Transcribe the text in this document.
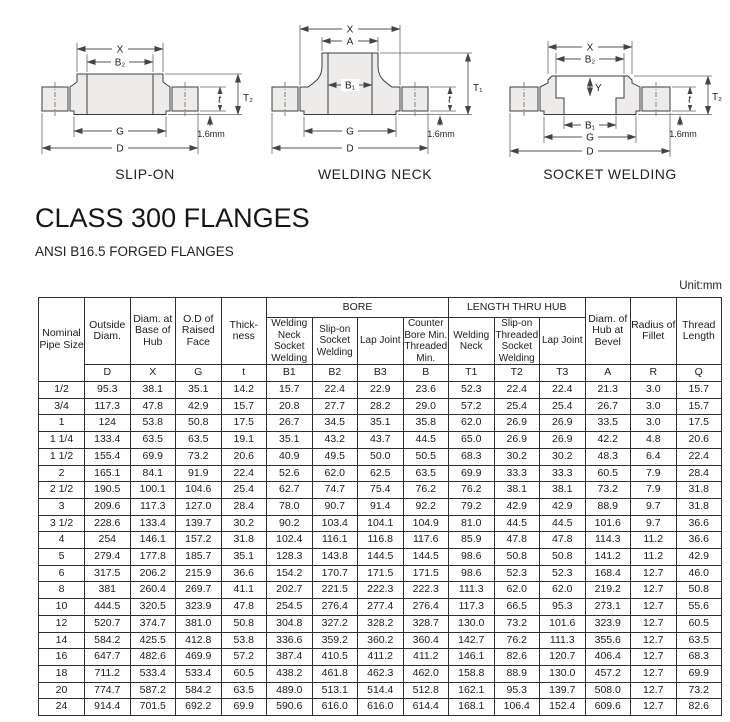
X
B₂
G
D
t T₂
1.6mm
SLIP-ON
X
A
B₁
G
D
t
T₁
1.6mm
WELDING NECK
X
B₂
Y
B₁
G
D
t T₂
1.6mm
SOCKET WELDING
CLASS 300 FLANGES
ANSI B16.5 FORGED FLANGES
Unit:mm
Nominal Pipe Size	Outside Diam.	Diam. at Base of Hub	O.D of Raised Face	Thick-ness	BORE				LENGTH THRU HUB			Diam. of Hub at Bevel	Radius of Fillet	Thread Length
					Welding Neck Socket Welding	Slip-on Socket Welding	Lap Joint	Counter Bore Min. Threaded Min.	Welding Neck	Slip-on Threaded Socket Welding	Lap Joint			
	D	X	G	t	B1	B2	B3	B	T1	T2	T3	A	R	Q
1/2	95.3	38.1	35.1	14.2	15.7	22.4	22.9	23.6	52.3	22.4	22.4	21.3	3.0	15.7
3/4	117.3	47.8	42.9	15.7	20.8	27.7	28.2	29.0	57.2	25.4	25.4	26.7	3.0	15.7
1	124	53.8	50.8	17.5	26.7	34.5	35.1	35.8	62.0	26.9	26.9	33.5	3.0	17.5
1 1/4	133.4	63.5	63.5	19.1	35.1	43.2	43.7	44.5	65.0	26.9	26.9	42.2	4.8	20.6
1 1/2	155.4	69.9	73.2	20.6	40.9	49.5	50.0	50.5	68.3	30.2	30.2	48.3	6.4	22.4
2	165.1	84.1	91.9	22.4	52.6	62.0	62.5	63.5	69.9	33.3	33.3	60.5	7.9	28.4
2 1/2	190.5	100.1	104.6	25.4	62.7	74.7	75.4	76.2	76.2	38.1	38.1	73.2	7.9	31.8
3	209.6	117.3	127.0	28.4	78.0	90.7	91.4	92.2	79.2	42.9	42.9	88.9	9.7	31.8
3 1/2	228.6	133.4	139.7	30.2	90.2	103.4	104.1	104.9	81.0	44.5	44.5	101.6	9.7	36.6
4	254	146.1	157.2	31.8	102.4	116.1	116.8	117.6	85.9	47.8	47.8	114.3	11.2	36.6
5	279.4	177.8	185.7	35.1	128.3	143.8	144.5	144.5	98.6	50.8	50.8	141.2	11.2	42.9
6	317.5	206.2	215.9	36.6	154.2	170.7	171.5	171.5	98.6	52.3	52.3	168.4	12.7	46.0
8	381	260.4	269.7	41.1	202.7	221.5	222.3	222.3	111.3	62.0	62.0	219.2	12.7	50.8
10	444.5	320.5	323.9	47.8	254.5	276.4	277.4	276.4	117.3	66.5	95.3	273.1	12.7	55.6
12	520.7	374.7	381.0	50.8	304.8	327.2	328.2	328.7	130.0	73.2	101.6	323.9	12.7	60.5
14	584.2	425.5	412.8	53.8	336.6	359.2	360.2	360.4	142.7	76.2	111.3	355.6	12.7	63.5
16	647.7	482.6	469.9	57.2	387.4	410.5	411.2	411.2	146.1	82.6	120.7	406.4	12.7	68.3
18	711.2	533.4	533.4	60.5	438.2	461.8	462.3	462.0	158.8	88.9	130.0	457.2	12.7	69.9
20	774.7	587.2	584.2	63.5	489.0	513.1	514.4	512.8	162.1	95.3	139.7	508.0	12.7	73.2
24	914.4	701.5	692.2	69.9	590.6	616.0	616.0	614.4	168.1	106.4	152.4	609.6	12.7	82.6
